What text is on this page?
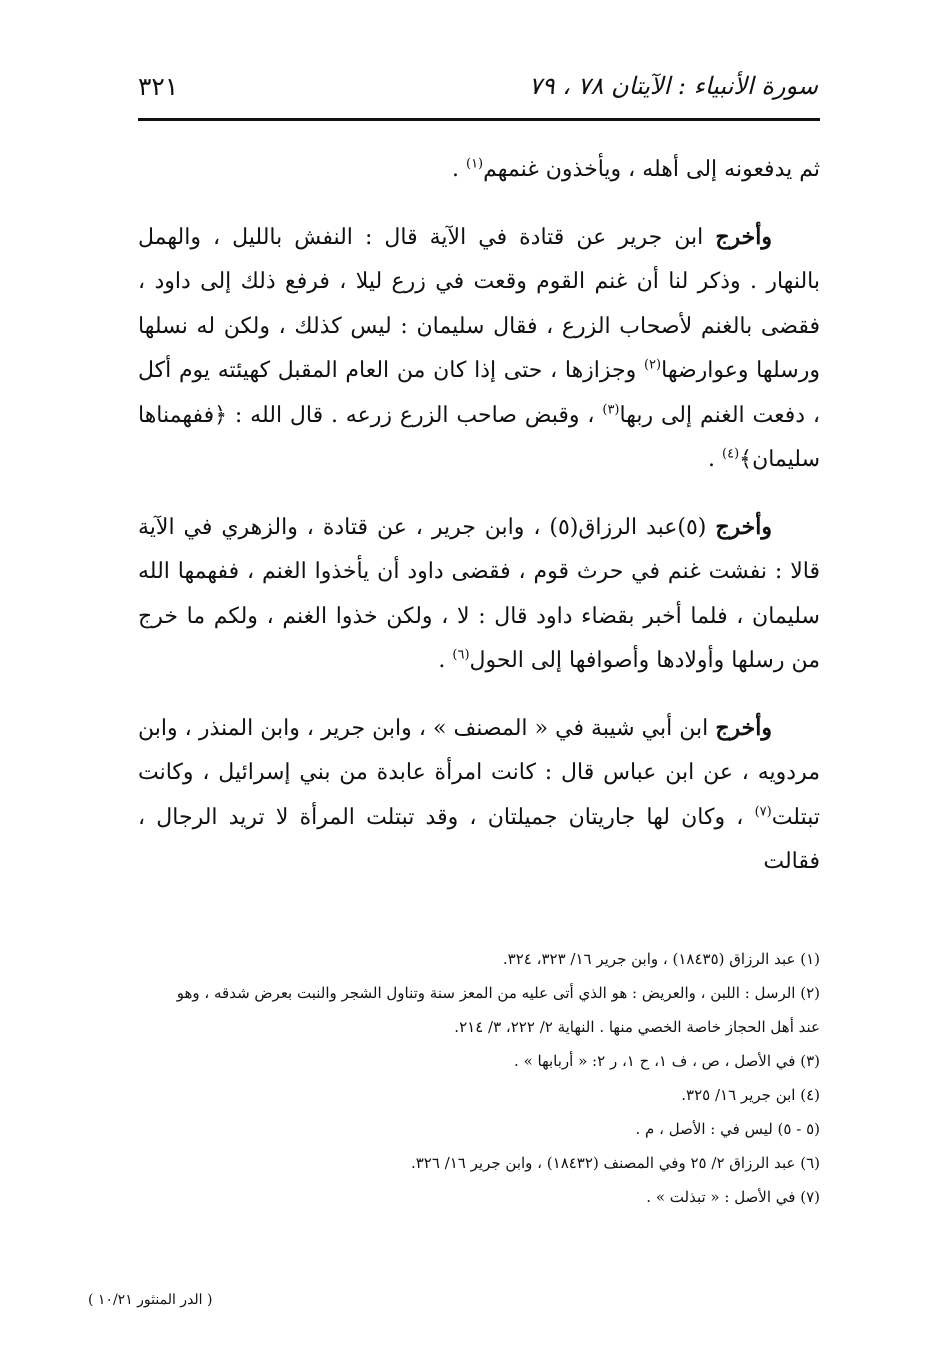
سورة الأنبياء : الآيتان ٧٨ ، ٧٩
٣٢١

ثم يدفعونه إلى أهله ، ويأخذون غنمهم$^{(١)}$ .

وأخرج ابن جرير عن قتادة في الآية قال : النفش بالليل ، والهمل بالنهار . وذكر لنا أن غنم القوم وقعت في زرع ليلا ، فرفع ذلك إلى داود ، فقضى بالغنم لأصحاب الزرع ، فقال سليمان : ليس كذلك ، ولكن له نسلها ورسلها وعوارضها$^{(٢)}$ وجزازها ، حتى إذا كان من العام المقبل كهيئته يوم أكل ، دفعت الغنم إلى ربها$^{(٣)}$ ، وقبض صاحب الزرع زرعه . قال الله : ﴿ففهمناها سليمان﴾$^{(٤)}$ .

وأخرج (٥)عبد الرزاق(٥) ، وابن جرير ، عن قتادة ، والزهري في الآية قالا : نفشت غنم في حرث قوم ، فقضى داود أن يأخذوا الغنم ، ففهمها الله سليمان ، فلما أخبر بقضاء داود قال : لا ، ولكن خذوا الغنم ، ولكم ما خرج من رسلها وأولادها وأصوافها إلى الحول$^{(٦)}$ .

وأخرج ابن أبي شيبة في « المصنف » ، وابن جرير ، وابن المنذر ، وابن مردويه ، عن ابن عباس قال : كانت امرأة عابدة من بني إسرائيل ، وكانت تبتلت$^{(٧)}$ ، وكان لها جاريتان جميلتان ، وقد تبتلت المرأة لا تريد الرجال ، فقالت

(١) عبد الرزاق (١٨٤٣٥) ، وابن جرير ١٦/ ٣٢٣، ٣٢٤.

(٢) الرسل : اللبن ، والعريض : هو الذي أتى عليه من المعز سنة وتناول الشجر والنبت بعرض شدقه ، وهو

عند أهل الحجاز خاصة الخصي منها . النهاية ٢/ ٢٢٢، ٣/ ٢١٤.

(٣) في الأصل ، ص ، ف ١، ح ١، ر ٢: « أربابها » .

(٤) ابن جرير ١٦/ ٣٢٥.

(٥ - ٥) ليس في : الأصل ، م .

(٦) عبد الرزاق ٢/ ٢٥ وفي المصنف (١٨٤٣٢) ، وابن جرير ١٦/ ٣٢٦.

(٧) في الأصل : « تبذلت » .

( الدر المنثور ١٠/٢١ )
